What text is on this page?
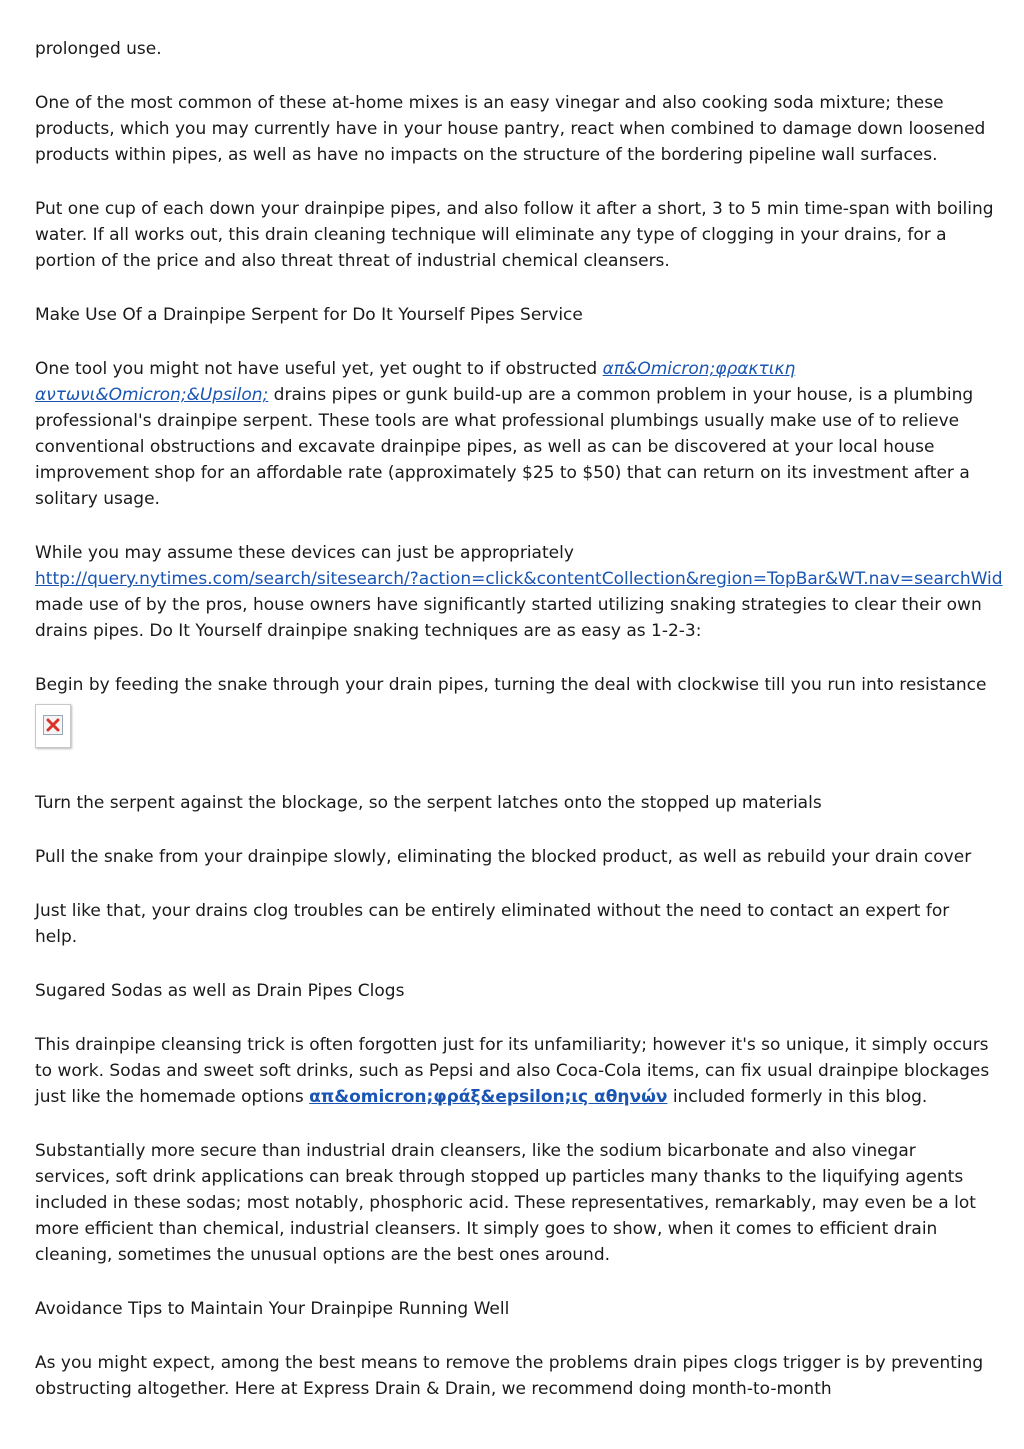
prolonged use.

One of the most common of these at-home mixes is an easy vinegar and also cooking soda mixture; these products, which you may currently have in your house pantry, react when combined to damage down loosened products within pipes, as well as have no impacts on the structure of the bordering pipeline wall surfaces.

Put one cup of each down your drainpipe pipes, and also follow it after a short, 3 to 5 min time-span with boiling water. If all works out, this drain cleaning technique will eliminate any type of clogging in your drains, for a portion of the price and also threat threat of industrial chemical cleansers.

Make Use Of a Drainpipe Serpent for Do It Yourself Pipes Service

One tool you might not have useful yet, yet ought to if obstructed απ&Omicron;φρακτικη αντωνι&Omicron;&Upsilon; drains pipes or gunk build-up are a common problem in your house, is a plumbing professional's drainpipe serpent. These tools are what professional plumbings usually make use of to relieve conventional obstructions and excavate drainpipe pipes, as well as can be discovered at your local house improvement shop for an affordable rate (approximately $25 to $50) that can return on its investment after a solitary usage.

While you may assume these devices can just be appropriately http://query.nytimes.com/search/sitesearch/?action=click&contentCollection&region=TopBar&WT.nav=searchWid made use of by the pros, house owners have significantly started utilizing snaking strategies to clear their own drains pipes. Do It Yourself drainpipe snaking techniques are as easy as 1-2-3:

Begin by feeding the snake through your drain pipes, turning the deal with clockwise till you run into resistance

Turn the serpent against the blockage, so the serpent latches onto the stopped up materials

Pull the snake from your drainpipe slowly, eliminating the blocked product, as well as rebuild your drain cover

Just like that, your drains clog troubles can be entirely eliminated without the need to contact an expert for help.

Sugared Sodas as well as Drain Pipes Clogs

This drainpipe cleansing trick is often forgotten just for its unfamiliarity; however it's so unique, it simply occurs to work. Sodas and sweet soft drinks, such as Pepsi and also Coca-Cola items, can fix usual drainpipe blockages just like the homemade options απ&omicron;φράξ&epsilon;ις αθηνών included formerly in this blog.

Substantially more secure than industrial drain cleansers, like the sodium bicarbonate and also vinegar services, soft drink applications can break through stopped up particles many thanks to the liquifying agents included in these sodas; most notably, phosphoric acid. These representatives, remarkably, may even be a lot more efficient than chemical, industrial cleansers. It simply goes to show, when it comes to efficient drain cleaning, sometimes the unusual options are the best ones around.

Avoidance Tips to Maintain Your Drainpipe Running Well

As you might expect, among the best means to remove the problems drain pipes clogs trigger is by preventing obstructing altogether. Here at Express Drain & Drain, we recommend doing month-to-month
